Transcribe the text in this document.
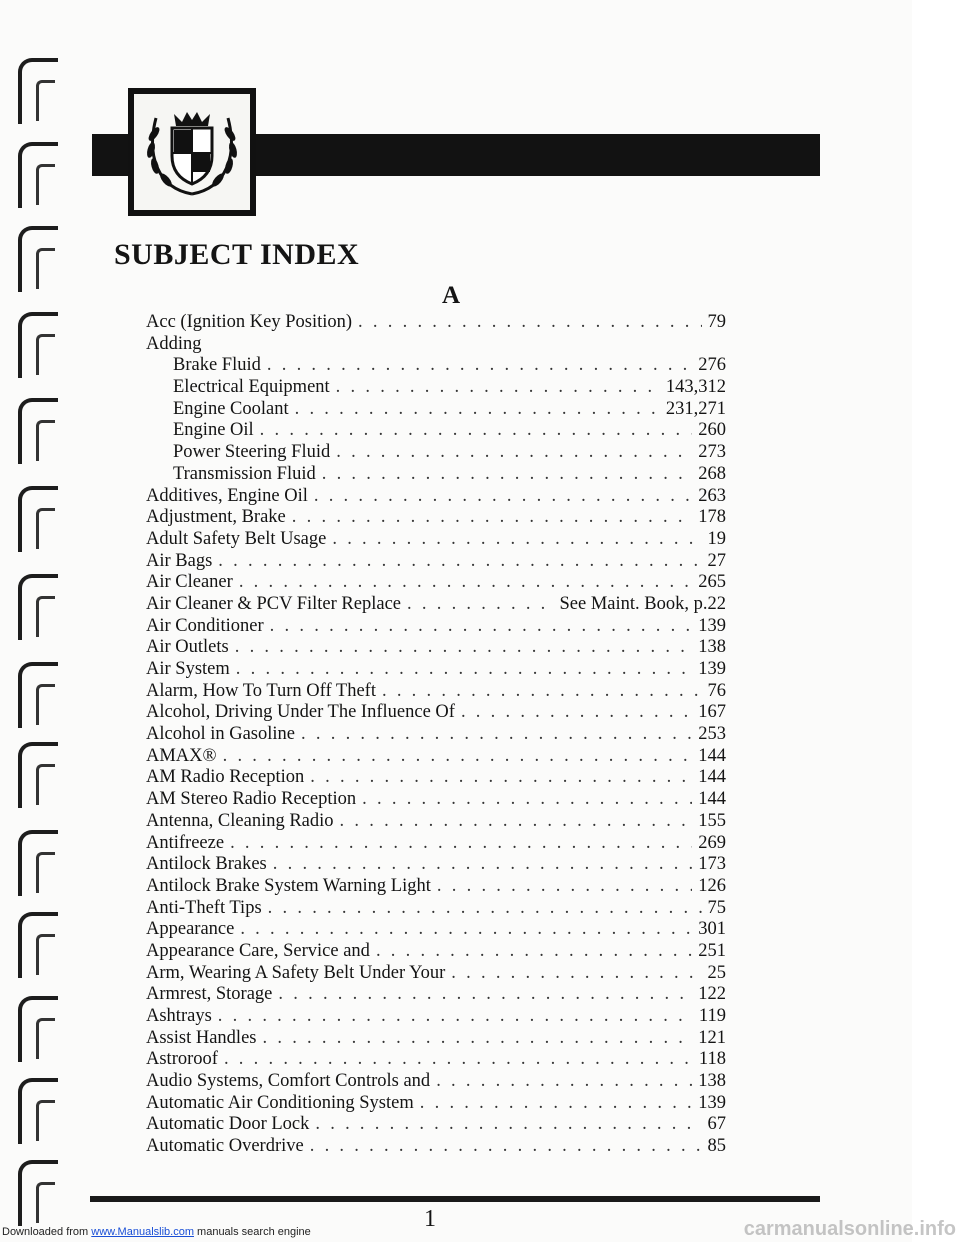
SUBJECT INDEX
A
Acc (Ignition Key Position) . . .	79
Adding
Brake Fluid . . .	276
Electrical Equipment . . .	143,312
Engine Coolant . . .	231,271
Engine Oil . . .	260
Power Steering Fluid . . .	273
Transmission Fluid . . .	268
Additives, Engine Oil . . .	263
Adjustment, Brake . . .	178
Adult Safety Belt Usage . . .	19
Air Bags . . .	27
Air Cleaner . . .	265
Air Cleaner & PCV Filter Replace . . .	See Maint. Book, p.22
Air Conditioner . . .	139
Air Outlets . . .	138
Air System . . .	139
Alarm, How To Turn Off Theft . . .	76
Alcohol, Driving Under The Influence Of . . .	167
Alcohol in Gasoline . . .	253
AMAX® . . .	144
AM Radio Reception . . .	144
AM Stereo Radio Reception . . .	144
Antenna, Cleaning Radio . . .	155
Antifreeze . . .	269
Antilock Brakes . . .	173
Antilock Brake System Warning Light . . .	126
Anti-Theft Tips . . .	75
Appearance . . .	301
Appearance Care, Service and . . .	251
Arm, Wearing A Safety Belt Under Your . . .	25
Armrest, Storage . . .	122
Ashtrays . . .	119
Assist Handles . . .	121
Astroroof . . .	118
Audio Systems, Comfort Controls and . . .	138
Automatic Air Conditioning System . . .	139
Automatic Door Lock . . .	67
Automatic Overdrive . . .	85
1
Downloaded from www.Manualslib.com manuals search engine	carmanualsonline.info
